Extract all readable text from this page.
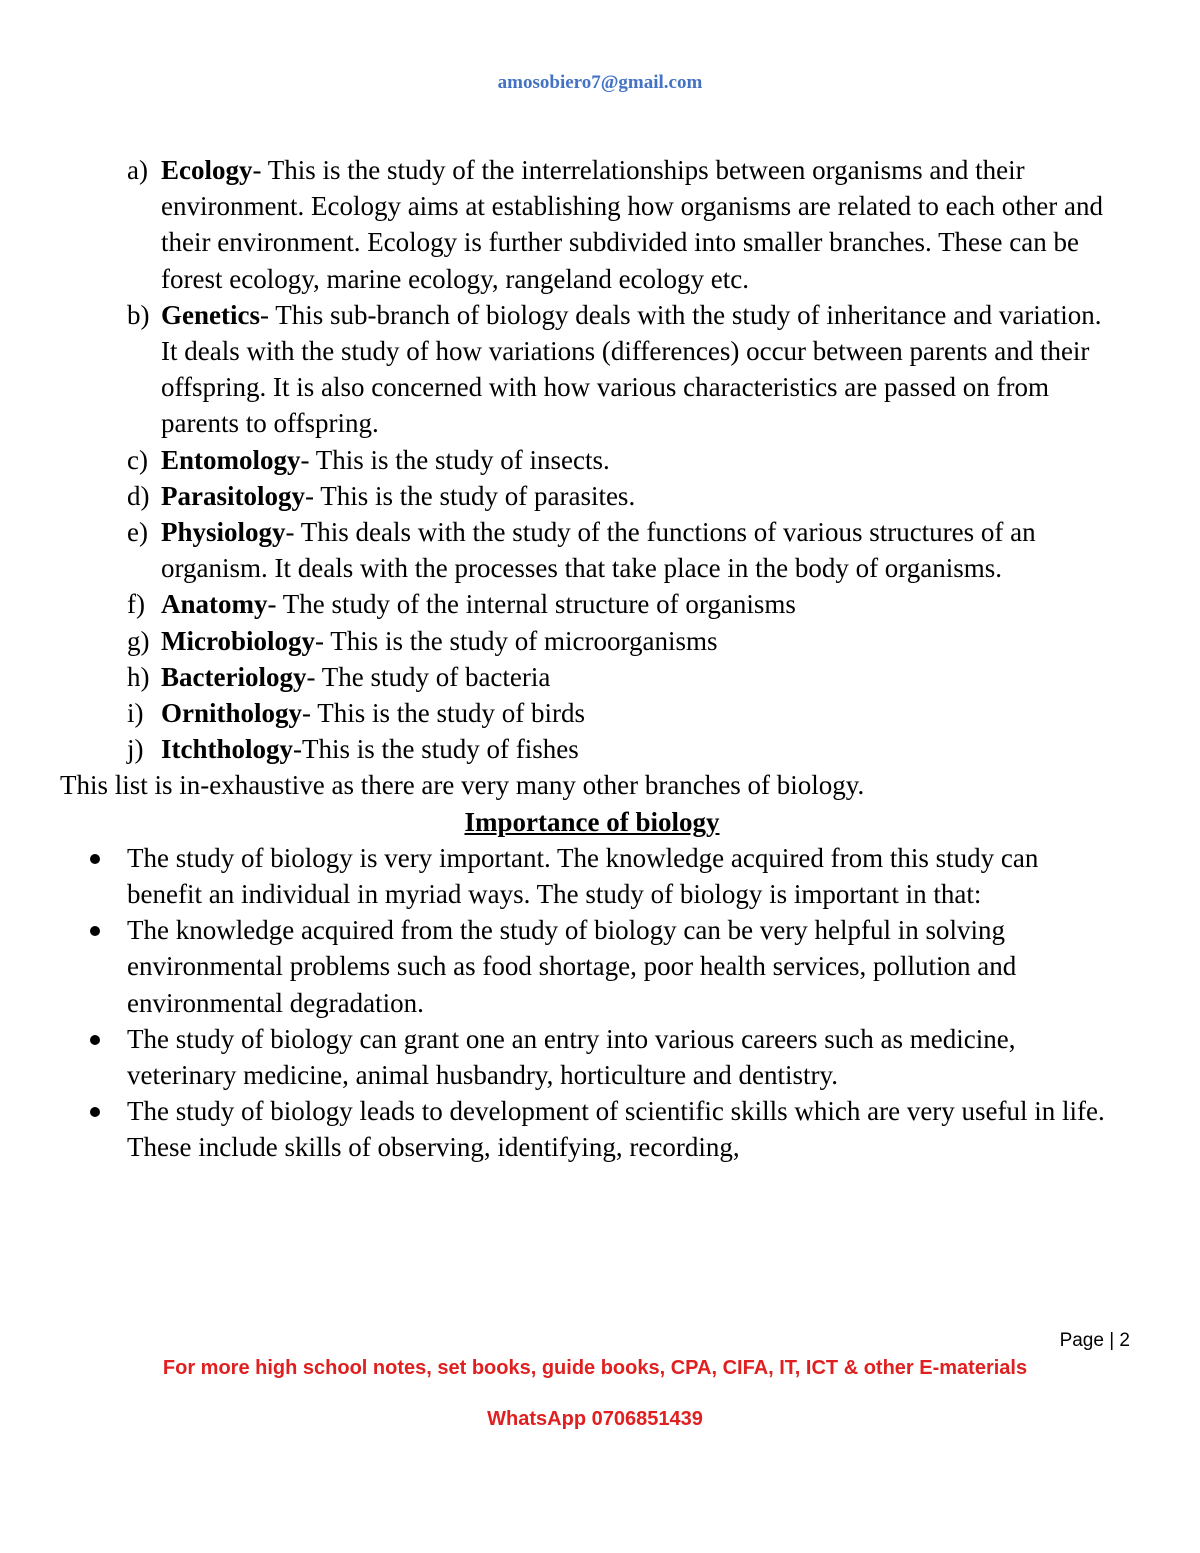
amosobiero7@gmail.com
a) Ecology- This is the study of the interrelationships between organisms and their environment. Ecology aims at establishing how organisms are related to each other and their environment. Ecology is further subdivided into smaller branches. These can be forest ecology, marine ecology, rangeland ecology etc.
b) Genetics- This sub-branch of biology deals with the study of inheritance and variation. It deals with the study of how variations (differences) occur between parents and their offspring. It is also concerned with how various characteristics are passed on from parents to offspring.
c) Entomology- This is the study of insects.
d) Parasitology- This is the study of parasites.
e) Physiology- This deals with the study of the functions of various structures of an organism. It deals with the processes that take place in the body of organisms.
f) Anatomy- The study of the internal structure of organisms
g) Microbiology- This is the study of microorganisms
h) Bacteriology- The study of bacteria
i) Ornithology- This is the study of birds
j) Itchthology-This is the study of fishes

This list is in-exhaustive as there are very many other branches of biology.

Importance of biology

The study of biology is very important. The knowledge acquired from this study can benefit an individual in myriad ways. The study of biology is important in that:
The knowledge acquired from the study of biology can be very helpful in solving environmental problems such as food shortage, poor health services, pollution and environmental degradation.
The study of biology can grant one an entry into various careers such as medicine, veterinary medicine, animal husbandry, horticulture and dentistry.
The study of biology leads to development of scientific skills which are very useful in life. These include skills of observing, identifying, recording,
Page | 2
For more high school notes, set books, guide books, CPA, CIFA, IT, ICT & other E-materials
WhatsApp 0706851439
